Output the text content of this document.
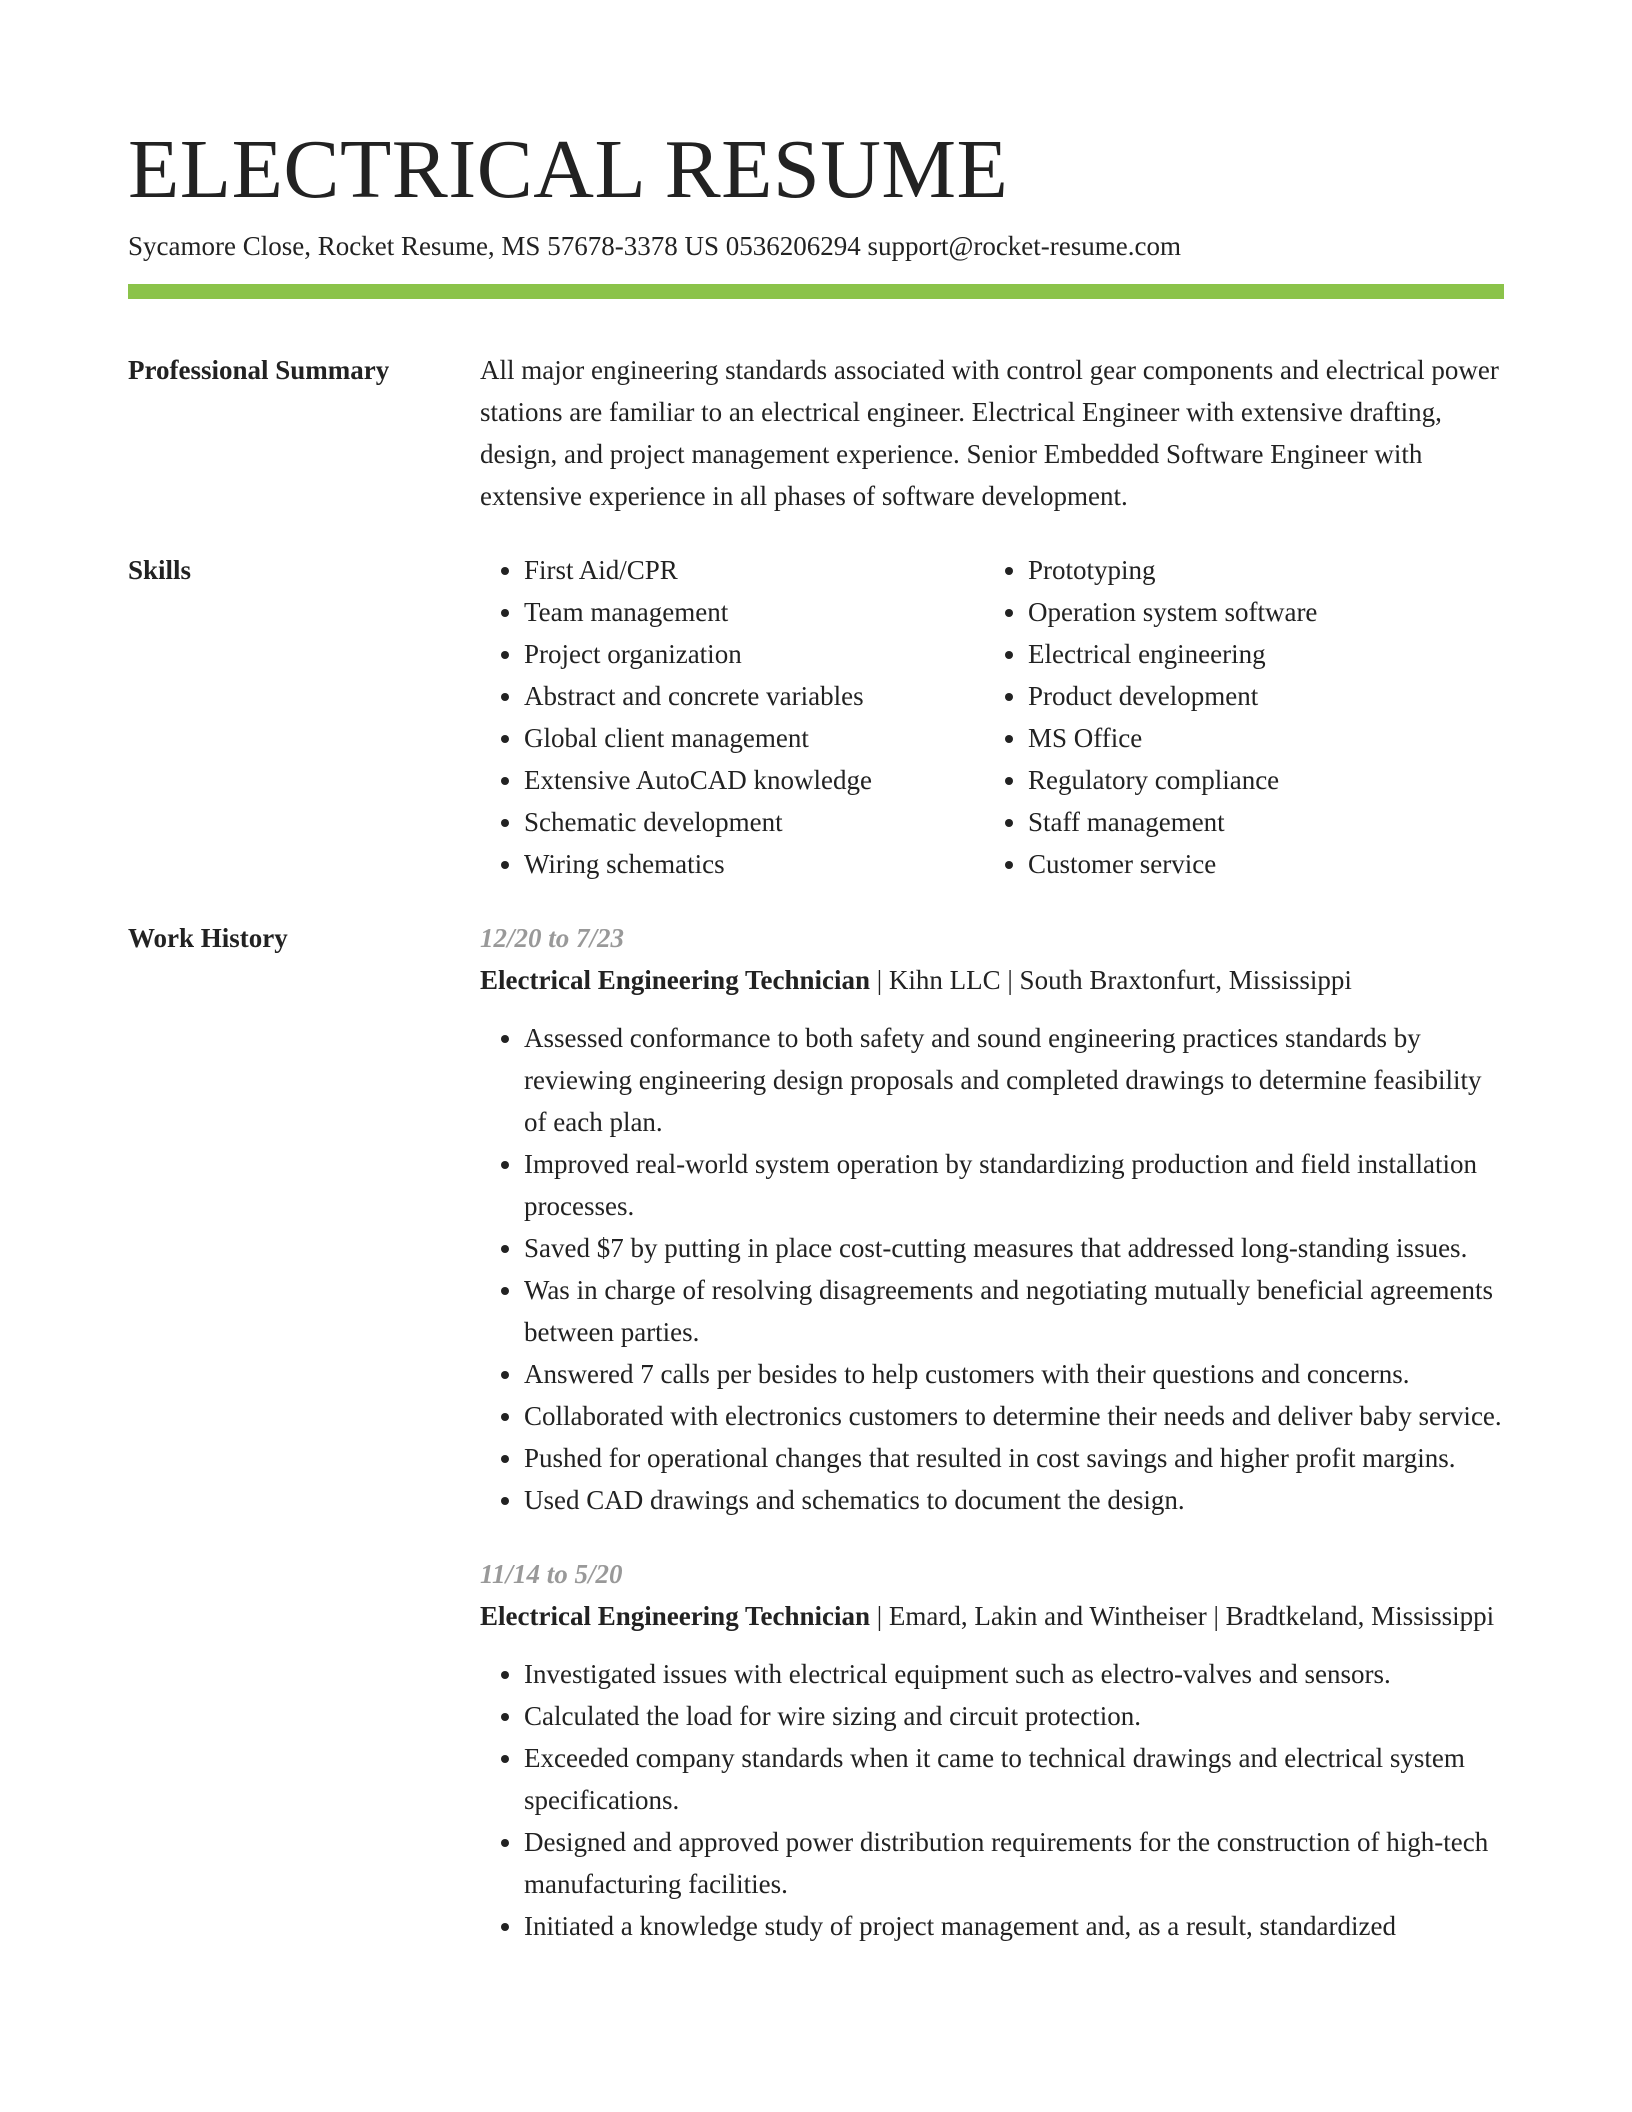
ELECTRICAL RESUME
Sycamore Close, Rocket Resume, MS 57678-3378 US 0536206294 support@rocket-resume.com
Professional Summary	All major engineering standards associated with control gear components and electrical power stations are familiar to an electrical engineer. Electrical Engineer with extensive drafting, design, and project management experience. Senior Embedded Software Engineer with extensive experience in all phases of software development.
Skills
•	First Aid/CPR
• Team management
• Project organization
• Abstract and concrete variables
• Global client management
• Extensive AutoCAD knowledge
• Schematic development
• Wiring schematics
• Prototyping
• Operation system software
• Electrical engineering
• Product development
• MS Office
• Regulatory compliance
• Staff management
• Customer service
Work History	12/20 to 7/23
Electrical Engineering Technician | Kihn LLC | South Braxtonfurt, Mississippi
• Assessed conformance to both safety and sound engineering practices standards by reviewing engineering design proposals and completed drawings to determine feasibility of each plan.
• Improved real-world system operation by standardizing production and field installation processes.
• Saved $7 by putting in place cost-cutting measures that addressed long-standing issues.
• Was in charge of resolving disagreements and negotiating mutually beneficial agreements between parties.
• Answered 7 calls per besides to help customers with their questions and concerns.
• Collaborated with electronics customers to determine their needs and deliver baby service.
• Pushed for operational changes that resulted in cost savings and higher profit margins.
• Used CAD drawings and schematics to document the design.
11/14 to 5/20
Electrical Engineering Technician | Emard, Lakin and Wintheiser | Bradtkeland, Mississippi
• Investigated issues with electrical equipment such as electro-valves and sensors.
• Calculated the load for wire sizing and circuit protection.
• Exceeded company standards when it came to technical drawings and electrical system specifications.
• Designed and approved power distribution requirements for the construction of high-tech manufacturing facilities.
• Initiated a knowledge study of project management and, as a result, standardized
